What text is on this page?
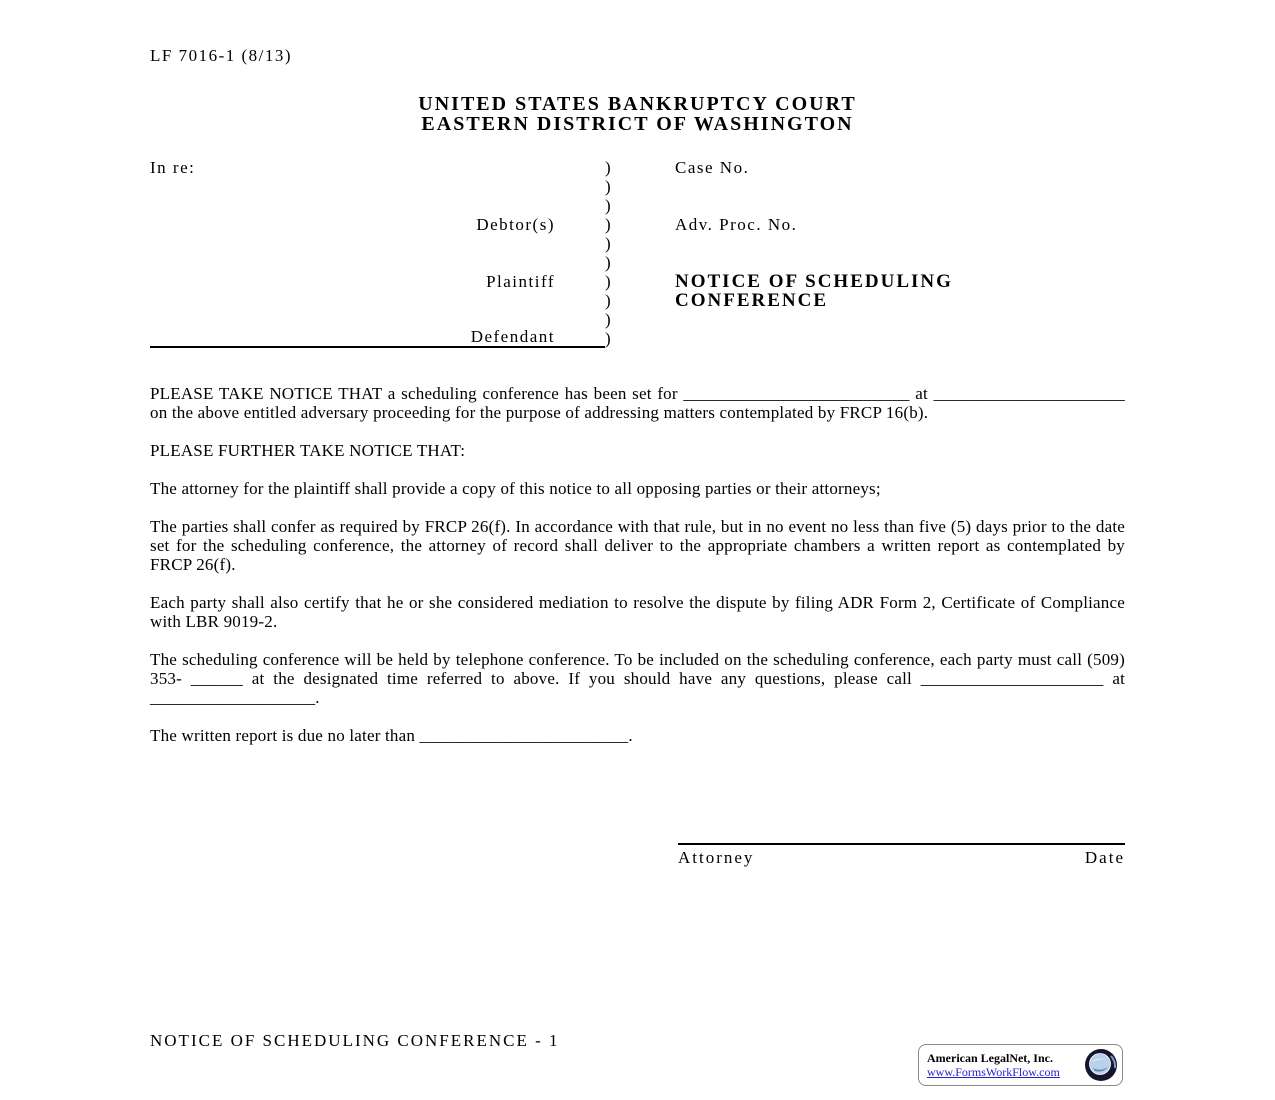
LF 7016-1 (8/13)
UNITED STATES BANKRUPTCY COURT
EASTERN DISTRICT OF WASHINGTON
In re:	)	Case No.
)
)
Debtor(s)	)	Adv. Proc. No.
)
)
Plaintiff	)	NOTICE OF SCHEDULING
)	CONFERENCE
)
Defendant	)

PLEASE TAKE NOTICE THAT a scheduling conference has been set for __________________________ at ______________________ on the above entitled adversary proceeding for the purpose of addressing matters contemplated by FRCP 16(b).

PLEASE FURTHER TAKE NOTICE THAT:

The attorney for the plaintiff shall provide a copy of this notice to all opposing parties or their attorneys;

The parties shall confer as required by FRCP 26(f). In accordance with that rule, but in no event no less than five (5) days prior to the date set for the scheduling conference, the attorney of record shall deliver to the appropriate chambers a written report as contemplated by FRCP 26(f).

Each party shall also certify that he or she considered mediation to resolve the dispute by filing ADR Form 2, Certificate of Compliance with LBR 9019-2.

The scheduling conference will be held by telephone conference. To be included on the scheduling conference, each party must call (509) 353- ______ at the designated time referred to above. If you should have any questions, please call _____________________ at ___________________.

The written report is due no later than ________________________.

Attorney	Date
NOTICE OF SCHEDULING CONFERENCE - 1
American LegalNet, Inc.
www.FormsWorkFlow.com
